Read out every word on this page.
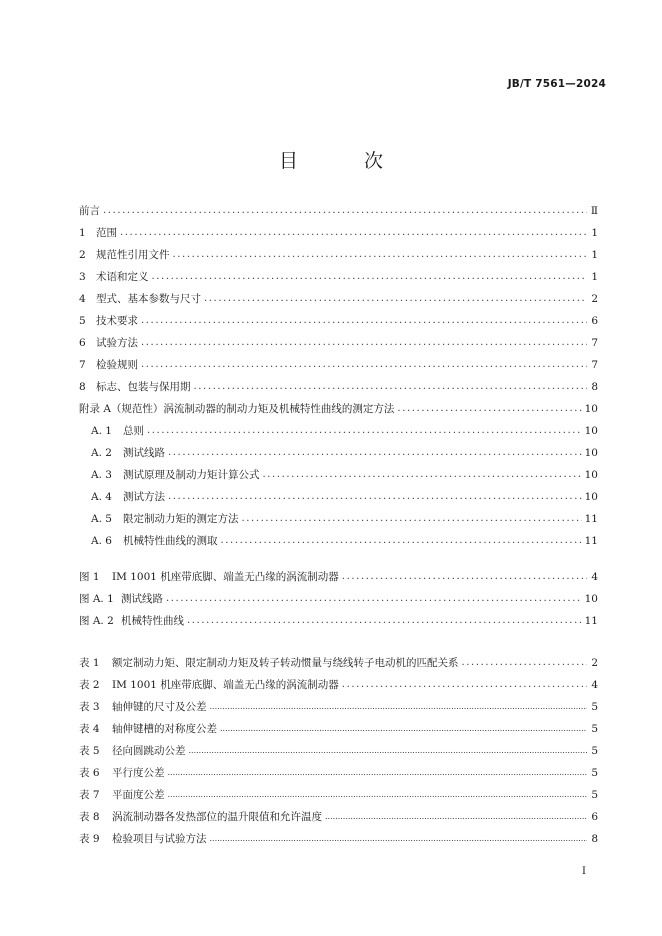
JB/T 7561—2024
目 次
前言 .....	Ⅱ
1 范围 .....	1
2 规范性引用文件 .....	1
3 术语和定义 .....	1
4 型式、基本参数与尺寸 .....	2
5 技术要求 .....	6
6 试验方法 .....	7
7 检验规则 .....	7
8 标志、包装与保用期 .....	8
附录 A（规范性）涡流制动器的制动力矩及机械特性曲线的测定方法 .....	10
A. 1	总则 .....	10
A. 2	测试线路 .....	10
A. 3	测试原理及制动力矩计算公式 .....	10
A. 4	测试方法 .....	10
A. 5	限定制动力矩的测定方法 .....	11
A. 6	机械特性曲线的测取 .....	11
图 1	IM 1001 机座带底脚、端盖无凸缘的涡流制动器 .....	4
图 A. 1 测试线路 .....	10
图 A. 2 机械特性曲线 .....	11
表 1	额定制动力矩、限定制动力矩及转子转动惯量与绕线转子电动机的匹配关系 .....	2
表 2	IM 1001 机座带底脚、端盖无凸缘的涡流制动器 .....	4
表 3	轴伸键的尺寸及公差 .....	5
表 4	轴伸键槽的对称度公差 .....	5
表 5	径向圆跳动公差 .....	5
表 6	平行度公差 .....	5
表 7	平面度公差 .....	5
表 8	涡流制动器各发热部位的温升限值和允许温度 .....	6
表 9	检验项目与试验方法 .....	8
I
